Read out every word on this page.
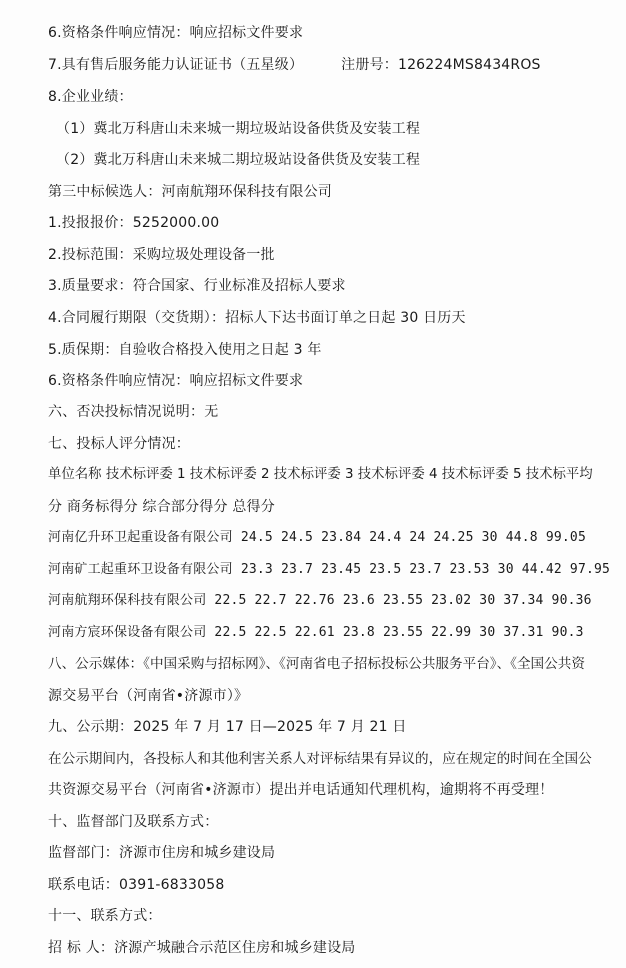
6.资格条件响应情况：响应招标文件要求
7.具有售后服务能力认证证书（五星级）	注册号：126224MS8434ROS
8.企业业绩：
（1）冀北万科唐山未来城一期垃圾站设备供货及安装工程
（2）冀北万科唐山未来城二期垃圾站设备供货及安装工程
第三中标候选人：河南航翔环保科技有限公司
1.投报报价：5252000.00
2.投标范围：采购垃圾处理设备一批
3.质量要求：符合国家、行业标准及招标人要求
4.合同履行期限（交货期）：招标人下达书面订单之日起 30 日历天
5.质保期：自验收合格投入使用之日起 3 年
6.资格条件响应情况：响应招标文件要求
六、否决投标情况说明：无
七、投标人评分情况：
单位名称 技术标评委 1 技术标评委 2 技术标评委 3 技术标评委 4 技术标评委 5 技术标平均
分 商务标得分 综合部分得分 总得分
河南亿升环卫起重设备有限公司 24.5 24.5 23.84 24.4 24 24.25 30 44.8 99.05
河南矿工起重环卫设备有限公司 23.3 23.7 23.45 23.5 23.7 23.53 30 44.42 97.95
河南航翔环保科技有限公司 22.5 22.7 22.76 23.6 23.55 23.02 30 37.34 90.36
河南方宸环保设备有限公司 22.5 22.5 22.61 23.8 23.55 22.99 30 37.31 90.3
八、公示媒体：《中国采购与招标网》、《河南省电子招标投标公共服务平台》、《全国公共资
源交易平台（河南省•济源市）》
九、公示期：2025 年 7 月 17 日—2025 年 7 月 21 日
在公示期间内，各投标人和其他利害关系人对评标结果有异议的，应在规定的时间在全国公
共资源交易平台（河南省•济源市）提出并电话通知代理机构，逾期将不再受理！
十、监督部门及联系方式：
监督部门：济源市住房和城乡建设局
联系电话：0391-6833058
十一、联系方式：
招 标 人：济源产城融合示范区住房和城乡建设局
